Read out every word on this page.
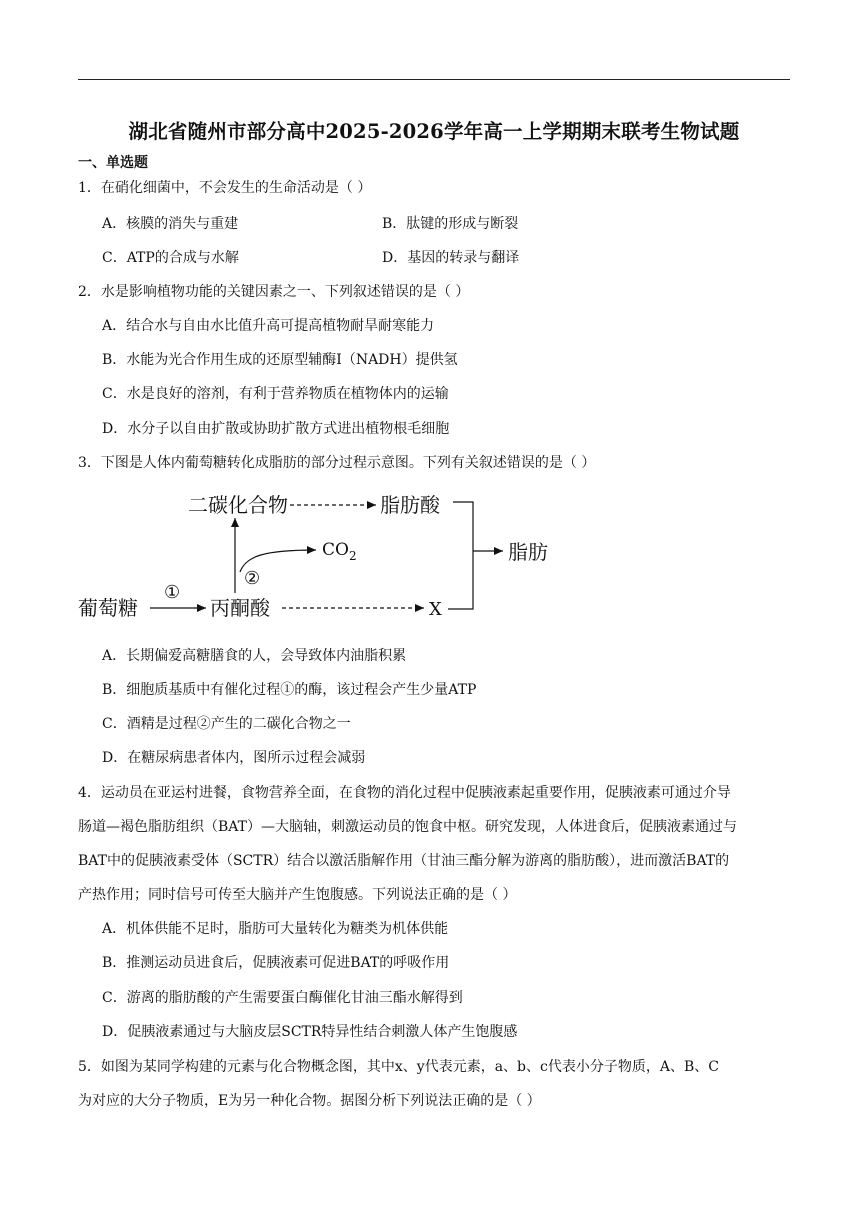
湖北省随州市部分高中2025-2026学年高一上学期期末联考生物试题
一、单选题
1．在硝化细菌中，不会发生的生命活动是（ ）
A．核膜的消失与重建	B．肽键的形成与断裂
C．ATP的合成与水解	D．基因的转录与翻译
2．水是影响植物功能的关键因素之一、下列叙述错误的是（ ）
A．结合水与自由水比值升高可提高植物耐旱耐寒能力
B．水能为光合作用生成的还原型辅酶Ⅰ（NADH）提供氢
C．水是良好的溶剂，有利于营养物质在植物体内的运输
D．水分子以自由扩散或协助扩散方式进出植物根毛细胞
3．下图是人体内葡萄糖转化成脂肪的部分过程示意图。下列有关叙述错误的是（ ）
二碳化合物	脂肪酸
脂肪
葡萄糖	丙酮酸	X
$CO_2$
①
②
A．长期偏爱高糖膳食的人，会导致体内油脂积累
B．细胞质基质中有催化过程①的酶，该过程会产生少量ATP
C．酒精是过程②产生的二碳化合物之一
D．在糖尿病患者体内，图所示过程会减弱
4．运动员在亚运村进餐，食物营养全面，在食物的消化过程中促胰液素起重要作用，促胰液素可通过介导
肠道—褐色脂肪组织（BAT）—大脑轴，刺激运动员的饱食中枢。研究发现，人体进食后，促胰液素通过与
BAT中的促胰液素受体（SCTR）结合以激活脂解作用（甘油三酯分解为游离的脂肪酸），进而激活BAT的
产热作用；同时信号可传至大脑并产生饱腹感。下列说法正确的是（ ）
A．机体供能不足时，脂肪可大量转化为糖类为机体供能
B．推测运动员进食后，促胰液素可促进BAT的呼吸作用
C．游离的脂肪酸的产生需要蛋白酶催化甘油三酯水解得到
D．促胰液素通过与大脑皮层SCTR特异性结合刺激人体产生饱腹感
5．如图为某同学构建的元素与化合物概念图，其中x、y代表元素，a、b、c代表小分子物质，A、B、C
为对应的大分子物质，E为另一种化合物。据图分析下列说法正确的是（ ）
